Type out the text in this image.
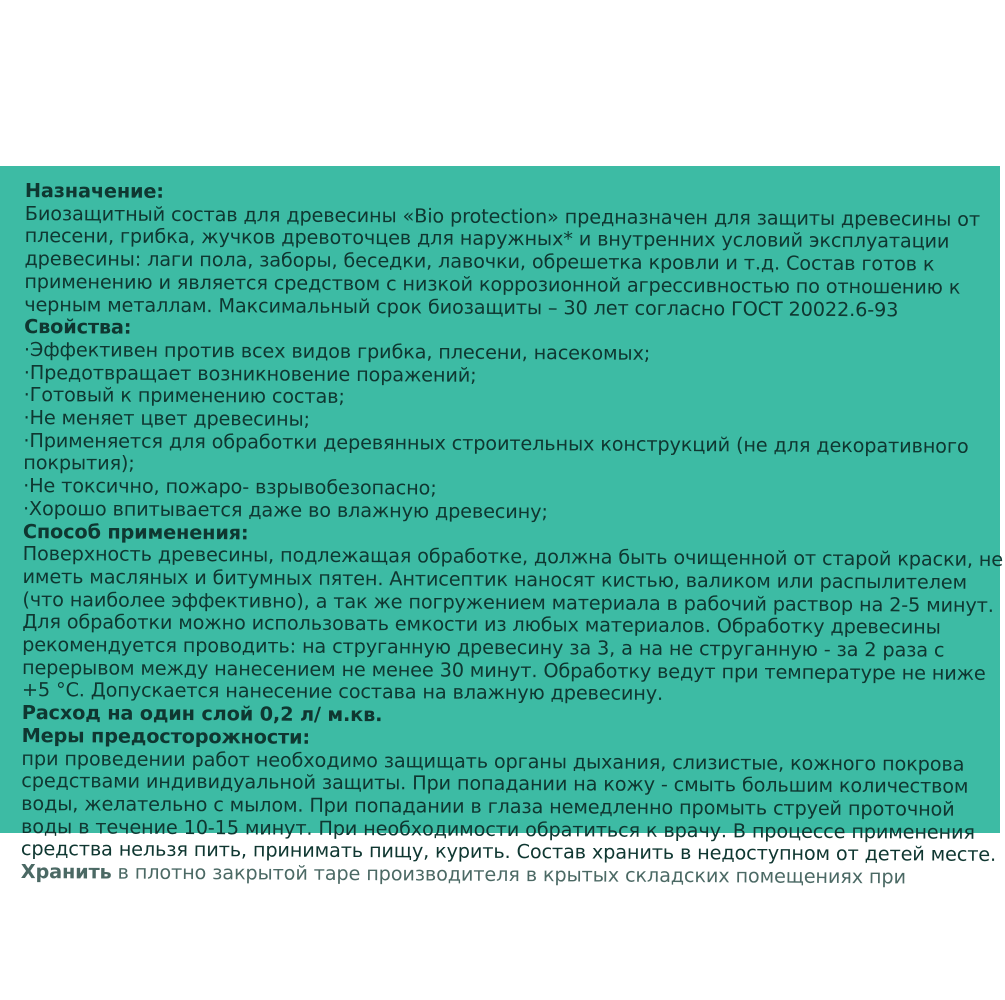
Назначение:
Биозащитный состав для древесины «Bio protection» предназначен для защиты древесины от
плесени, грибка, жучков древоточцев для наружных* и внутренних условий эксплуатации
древесины: лаги пола, заборы, беседки, лавочки, обрешетка кровли и т.д. Состав готов к
применению и является средством с низкой коррозионной агрессивностью по отношению к
черным металлам. Максимальный срок биозащиты – 30 лет согласно ГОСТ 20022.6-93
Свойства:
·Эффективен против всех видов грибка, плесени, насекомых;
·Предотвращает возникновение поражений;
·Готовый к применению состав;
·Не меняет цвет древесины;
·Применяется для обработки деревянных строительных конструкций (не для декоративного
покрытия);
·Не токсично, пожаро- взрывобезопасно;
·Хорошо впитывается даже во влажную древесину;
Способ применения:
Поверхность древесины, подлежащая обработке, должна быть очищенной от старой краски, не
иметь масляных и битумных пятен. Антисептик наносят кистью, валиком или распылителем
(что наиболее эффективно), а так же погружением материала в рабочий раствор на 2-5 минут.
Для обработки можно использовать емкости из любых материалов. Обработку древесины
рекомендуется проводить: на струганную древесину за 3, а на не струганную - за 2 раза с
перерывом между нанесением не менее 30 минут. Обработку ведут при температуре не ниже
+5 °С. Допускается нанесение состава на влажную древесину.
Расход на один слой 0,2 л/ м.кв.
Меры предосторожности:
при проведении работ необходимо защищать органы дыхания, слизистые, кожного покрова
средствами индивидуальной защиты. При попадании на кожу - смыть большим количеством
воды, желательно с мылом. При попадании в глаза немедленно промыть струей проточной
воды в течение 10-15 минут. При необходимости обратиться к врачу. В процессе применения
средства нельзя пить, принимать пищу, курить. Состав хранить в недоступном от детей месте.
Хранить в плотно закрытой таре производителя в крытых складских помещениях при
